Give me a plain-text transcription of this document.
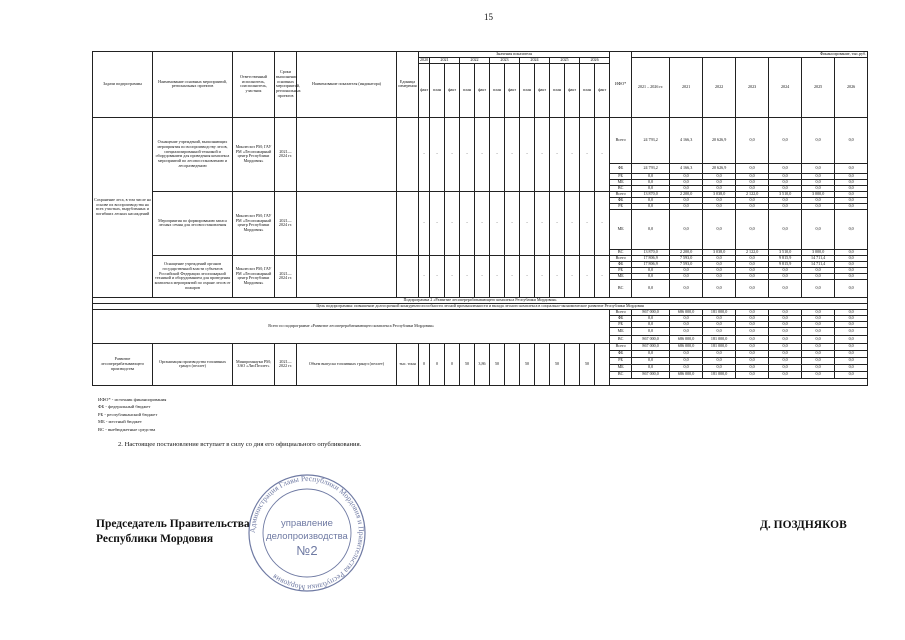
15
Задачи подпрограммы	Наименование основных мероприятий, региональных проектов	Ответственный исполнитель, соисполнитель, участник	Сроки выполнения основных мероприятий, региональных проектов	Наименование показателя (индикатора)	Единица измерения	Значения показателя	ИФО*	Финансирование, тыс.руб.
2020	2021	2022	2023	2024	2025	2026	2021 – 2026 гг.	2021	2022	2023	2024	2025	2026
факт	план	факт	план	факт	план	факт	план	факт	план	факт	план	факт
Сохранение леса, в том числе на основе их воспроизводства на всех участках, вырубленных и погибших лесных насаждений	Оснащение учреждений, выполняющих мероприятия по воспроизводству лесов, специализированной техникой и оборудованием для проведения комплекса мероприятий по лесовосстановлению и лесоразведению	Минлесхоз РМ; ГАУ РМ «Лесопожарный центр Республики Мордовия»	2021— 2024 гг.			-	-	-	-	-	-	-	-	-	-	-	-	-	Всего	24 793,2	4 166,3	20 626,9	0,0	0,0	0,0	0,0
ФБ	24 793,2	4 166,3	20 626,9	0,0	0,0	0,0	0,0
РБ	0,0	0,0	0,0	0,0	0,0	0,0	0,0
МБ	0,0	0,0	0,0	0,0	0,0	0,0	0,0
ВС	0,0	0,0	0,0	0,0	0,0	0,0	0,0
Мероприятия по формированию запаса лесных семян для лесовосстановления	Минлесхоз РМ; ГАУ РМ «Лесопожарный центр Республики Мордовия»	2021— 2024 гг.			-	-	-	-	-	-	-	-	-	-	-	-	-	Всего	13 870,0	2 200,0	3 038,0	2 122,0	3 510,0	3 000,0	0,0
ФБ	0,0	0,0	0,0	0,0	0,0	0,0	0,0
РБ	0,0	0,0	0,0	0,0	0,0	0,0	0,0
МБ	0,0	0,0	0,0	0,0	0,0	0,0	0,0
ВС	13 870,0	2 200,0	3 038,0	2 122,0	3 510,0	3 000,0	0,0
Оснащение учреждений органов государственной власти субъектов Российской Федерации лесопожарной техникой и оборудованием для проведения комплекса мероприятий по охране лесов от пожаров	Минлесхоз РМ; ГАУ РМ «Лесопожарный центр Республики Мордовия»	2021— 2024 гг.			-	-	-	-	-	-	-	-	-	-	-	-	-	Всего	17 806,9	7 593,0	0,0	0,0	9 815,9	14 711,4	0,0
ФБ	17 806,9	7 593,0	0,0	0,0	9 815,9	14 711,4	0,0
РБ	0,0	0,0	0,0	0,0	0,0	0,0	0,0
МБ	0,0	0,0	0,0	0,0	0,0	0,0	0,0
ВС	0,0	0,0	0,0	0,0	0,0	0,0	0,0
Подпрограмма 2 «Развитие лесоперерабатывающего комплекса Республики Мордовия»
Цель подпрограммы: повышение долгосрочной конкурентоспособности лесной промышленности и вклада лесного комплекса в социально-экономическое развитие Республики Мордовия
Всего по подпрограмме «Развитие лесоперерабатывающего комплекса Республики Мордовия»	Всего	867 000,0	686 000,0	181 000,0	0,0	0,0	0,0	0,0
ФБ	0,0	0,0	0,0	0,0	0,0	0,0	0,0
РБ	0,0	0,0	0,0	0,0	0,0	0,0	0,0
МБ	0,0	0,0	0,0	0,0	0,0	0,0	0,0
ВС	867 000,0	686 000,0	181 000,0	0,0	0,0	0,0	0,0
Развитие лесоперерабатывающего производства	Организация производства топливных гранул (пеллет)	Минпромнауки РМ; ЗАО «ЛисПеллет»	2021— 2022 гг.	Объем выпуска топливных гранул (пеллет)	тыс. тонн	0	0	0	50	3,86	50		50		50		50		Всего	867 000,0	686 000,0	181 000,0	0,0	0,0	0,0	0,0
ФБ	0,0	0,0	0,0	0,0	0,0	0,0	0,0
РБ	0,0	0,0	0,0	0,0	0,0	0,0	0,0
МБ	0,0	0,0	0,0	0,0	0,0	0,0	0,0
ВС	867 000,0	686 000,0	181 000,0	0,0	0,0	0,0	0,0

ИФО* - источник финансирования
ФБ - федеральный бюджет
РБ - республиканский бюджет
МБ - местный бюджет
ВС - внебюджетные средства
2. Настоящее постановление вступает в силу со дня его официального опубликования.
Председатель Правительства
Республики Мордовия
Д. ПОЗДНЯКОВ
Администрация Главы Республики Мордовия и Правительства Республики Мордовия
управление
делопроизводства
№2
